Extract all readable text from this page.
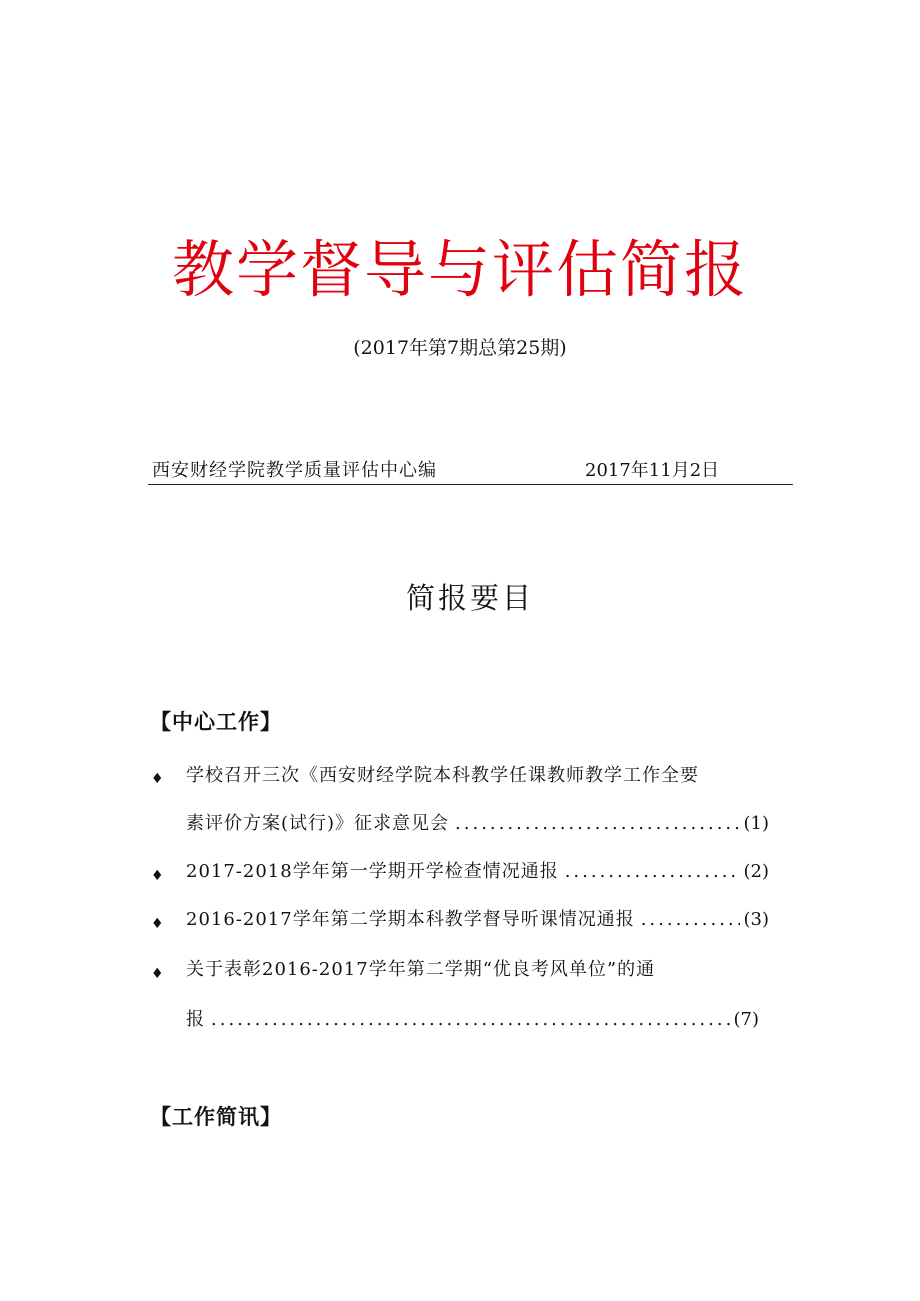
教学督导与评估简报
(2017年第7期总第25期)
西安财经学院教学质量评估中心编	2017年11月2日
简报要目
【中心工作】
♦ 学校召开三次《西安财经学院本科教学任课教师教学工作全要
素评价方案(试行)》征求意见会 .....	(1)
♦ 2017-2018学年第一学期开学检查情况通报 .....	(2)
♦ 2016-2017学年第二学期本科教学督导听课情况通报 .....	(3)
♦ 关于表彰2016-2017学年第二学期“优良考风单位”的通
报 .....	(7)
【工作简讯】
